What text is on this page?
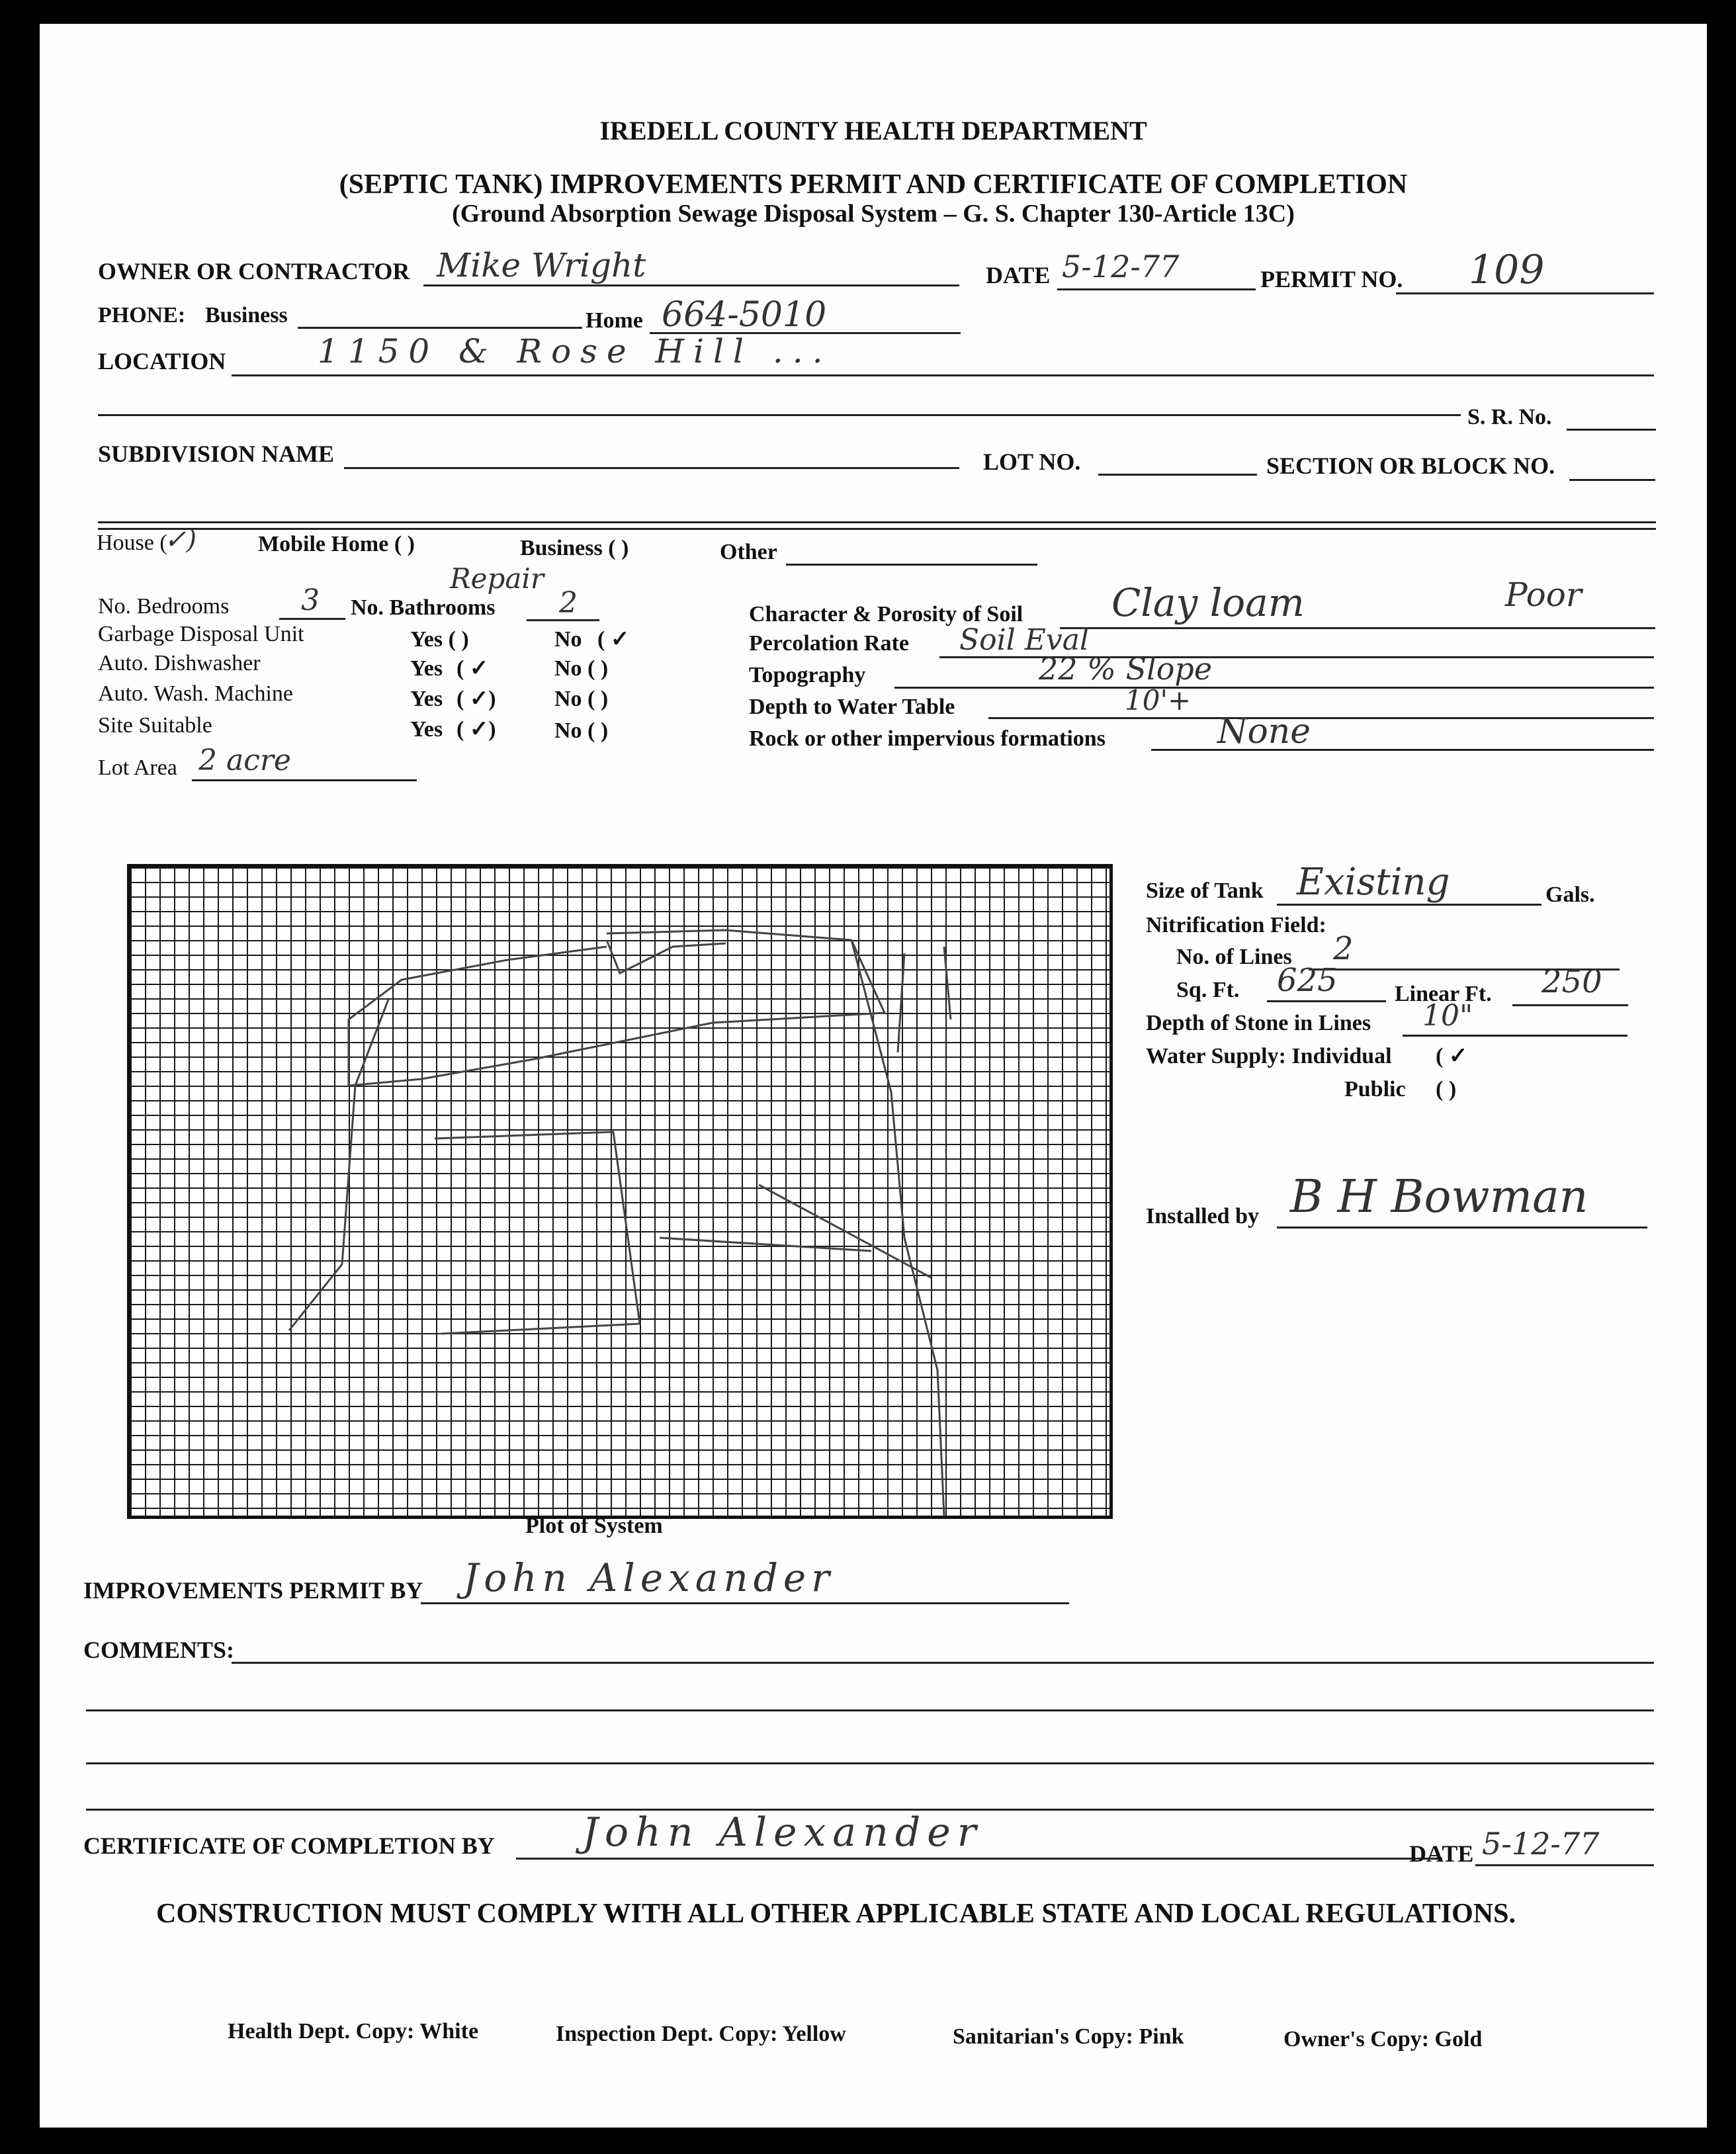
IREDELL COUNTY HEALTH DEPARTMENT
(SEPTIC TANK) IMPROVEMENTS PERMIT AND CERTIFICATE OF COMPLETION
(Ground Absorption Sewage Disposal System – G. S. Chapter 130-Article 13C)
OWNER OR CONTRACTOR Mike Wright	DATE 5-12-77	PERMIT NO. 109
PHONE: Business	Home 664-5010
LOCATION	1150 & Rose Hill ...
S. R. No.
SUBDIVISION NAME	LOT NO.	SECTION OR BLOCK NO.
House (
✓)	Mobile Home ( )	Business ( )	Other
Repair
No. Bedrooms 3 No. Bathrooms 2
Garbage Disposal Unit	Yes ( )	No ( ✓
Auto. Dishwasher	Yes ( ✓	No ( )
Auto. Wash. Machine	Yes ( ✓)	No ( )
Site Suitable	Yes ( ✓)	No ( )
Lot Area 2 acre
Character & Porosity of Soil Clay loam	Poor
Percolation Rate Soil Eval
Topography	22 % Slope
Depth to Water Table	10'+
Rock or other impervious formations	None
Size of Tank Existing	Gals.
Nitrification Field:
No. of Lines 2
Sq. Ft. 625	Linear Ft. 250
Depth of Stone in Lines 10"
Water Supply: Individual ( ✓
Public ( )
Installed by B H Bowman
Plot of System
IMPROVEMENTS PERMIT BY John Alexander
COMMENTS:
CERTIFICATE OF COMPLETION BY John Alexander	DATE 5-12-77
CONSTRUCTION MUST COMPLY WITH ALL OTHER APPLICABLE STATE AND LOCAL REGULATIONS.
Health Dept. Copy: White	Inspection Dept. Copy: Yellow	Sanitarian's Copy: Pink	Owner's Copy: Gold
